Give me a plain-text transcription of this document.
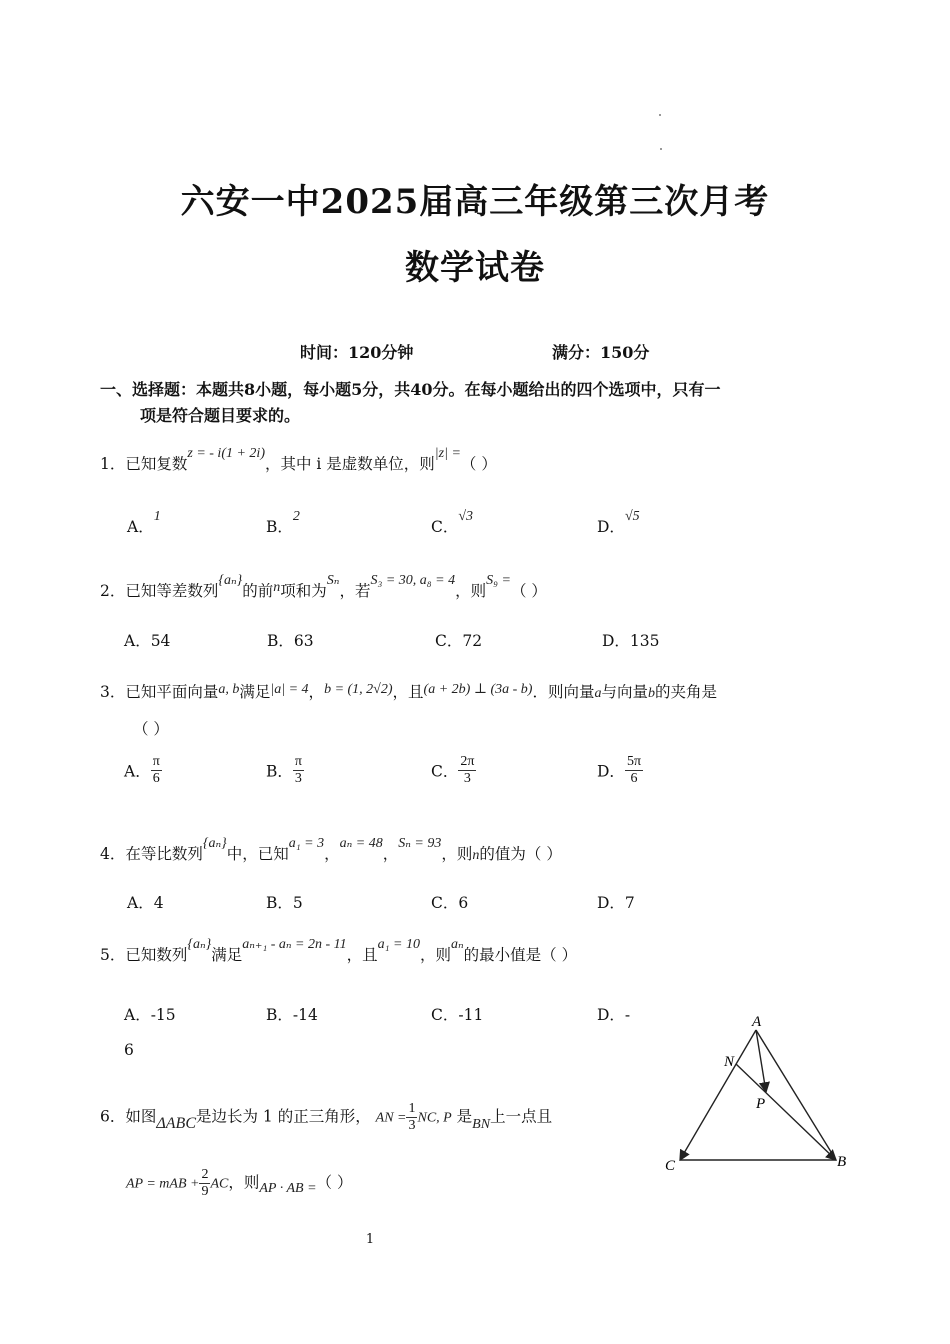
六安一中2025届高三年级第三次月考
数学试卷
时间：120分钟	满分：150分
一、选择题：本题共8小题，每小题5分，共40分。在每小题给出的四个选项中，只有一
项是符合题目要求的。
1．已知复数z = - i(1 + 2i)，其中 i 是虚数单位，则|z| =（ ）
A．1
B．2
C．√3
D．√5
2．已知等差数列{aₙ}的前n项和为Sₙ，若S₃ = 30, a₈ = 4，则S₉ =（ ）
A．54	B．63	C．72	D．135
3．已知平面向量a, b满足|a| = 4，b = (1, 2√2)，且(a + 2b) ⊥ (3a - b)．则向量a与向量b的夹角是
（ ）
A． $\frac{\pi}{6}$	B． $\frac{\pi}{3}$	C． $\frac{2\pi}{3}$	D． $\frac{5\pi}{6}$
4．在等比数列{aₙ}中，已知a₁ = 3，aₙ = 48，Sₙ = 93，则n的值为（ ）
A．4	B．5	C．6	D．7
5．已知数列{aₙ}满足aₙ₊₁ - aₙ = 2n - 11，且a₁ = 10，则aₙ的最小值是（ ）
A．-15	B．-14	C．-11	D．-
6
6．如图ΔABC是边长为 1 的正三角形， AN = $\frac{1}{3}$ NC, P 是BN上一点且
AP = mAB + $\frac{2}{9}$ AC，则AP · AB =（ ）
A
N
P
C	B
1
